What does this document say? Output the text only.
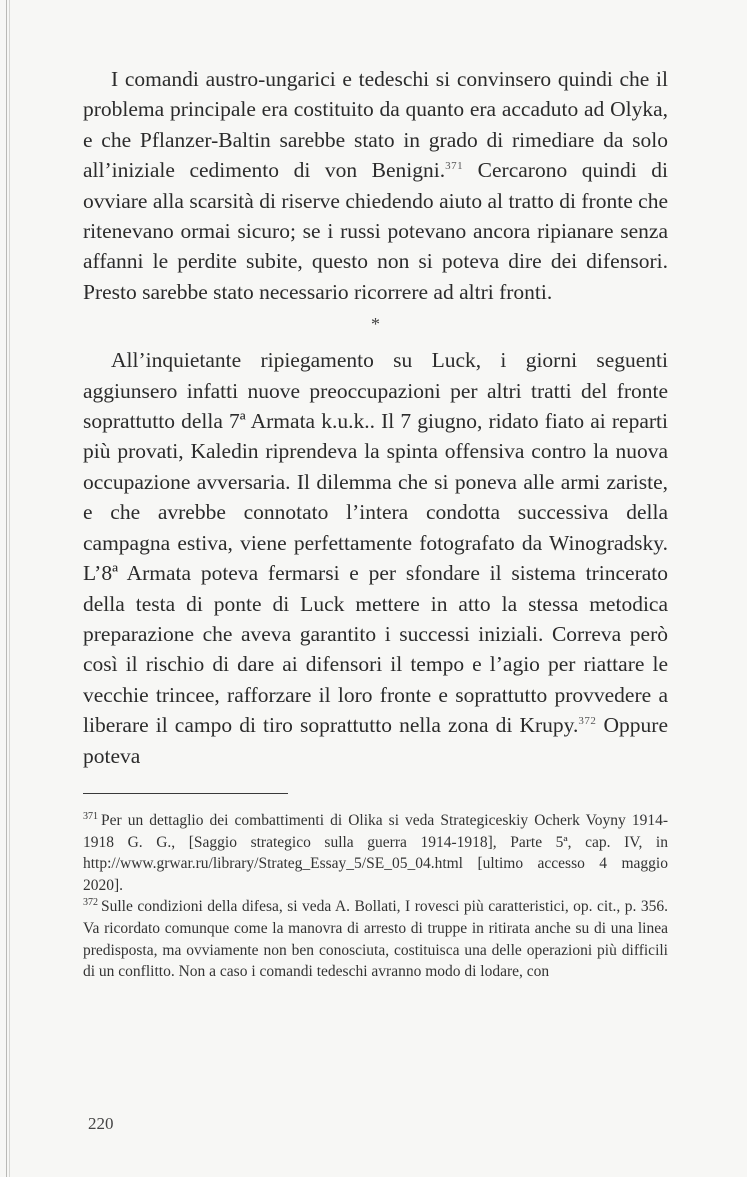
I comandi austro-ungarici e tedeschi si convinsero quindi che il problema principale era costituito da quanto era accaduto ad Olyka, e che Pflanzer-Baltin sarebbe stato in grado di rimediare da solo all’iniziale cedimento di von Benigni.$^{371}$ Cercarono quindi di ovviare alla scarsità di riserve chiedendo aiuto al tratto di fronte che ritenevano ormai sicuro; se i russi potevano ancora ripianare senza affanni le perdite subite, questo non si poteva dire dei difensori. Presto sarebbe stato necessario ricorrere ad altri fronti.

*

All’inquietante ripiegamento su Luck, i giorni seguenti aggiunsero infatti nuove preoccupazioni per altri tratti del fronte soprattutto della 7ª Armata k.u.k.. Il 7 giugno, ridato fiato ai reparti più provati, Kaledin riprendeva la spinta offensiva contro la nuova occupazione avversaria. Il dilemma che si poneva alle armi zariste, e che avrebbe connotato l’intera condotta successiva della campagna estiva, viene perfettamente fotografato da Winogradsky. L’8ª Armata poteva fermarsi e per sfondare il sistema trincerato della testa di ponte di Luck mettere in atto la stessa metodica preparazione che aveva garantito i successi iniziali. Correva però così il rischio di dare ai difensori il tempo e l’agio per riattare le vecchie trincee, rafforzare il loro fronte e soprattutto provvedere a liberare il campo di tiro soprattutto nella zona di Krupy.$^{372}$ Oppure poteva

$^{371}$ Per un dettaglio dei combattimenti di Olika si veda Strategiceskiy Ocherk Voyny 1914-1918 G. G., [Saggio strategico sulla guerra 1914-1918], Parte 5ª, cap. IV, in http://www.grwar.ru/library/Strateg_Essay_5/SE_05_04.html [ultimo accesso 4 maggio 2020].

$^{372}$ Sulle condizioni della difesa, si veda A. Bollati, I rovesci più caratteristici, op. cit., p. 356. Va ricordato comunque come la manovra di arresto di truppe in ritirata anche su di una linea predisposta, ma ovviamente non ben conosciuta, costituisca una delle operazioni più difficili di un conflitto. Non a caso i comandi tedeschi avranno modo di lodare, con

220
